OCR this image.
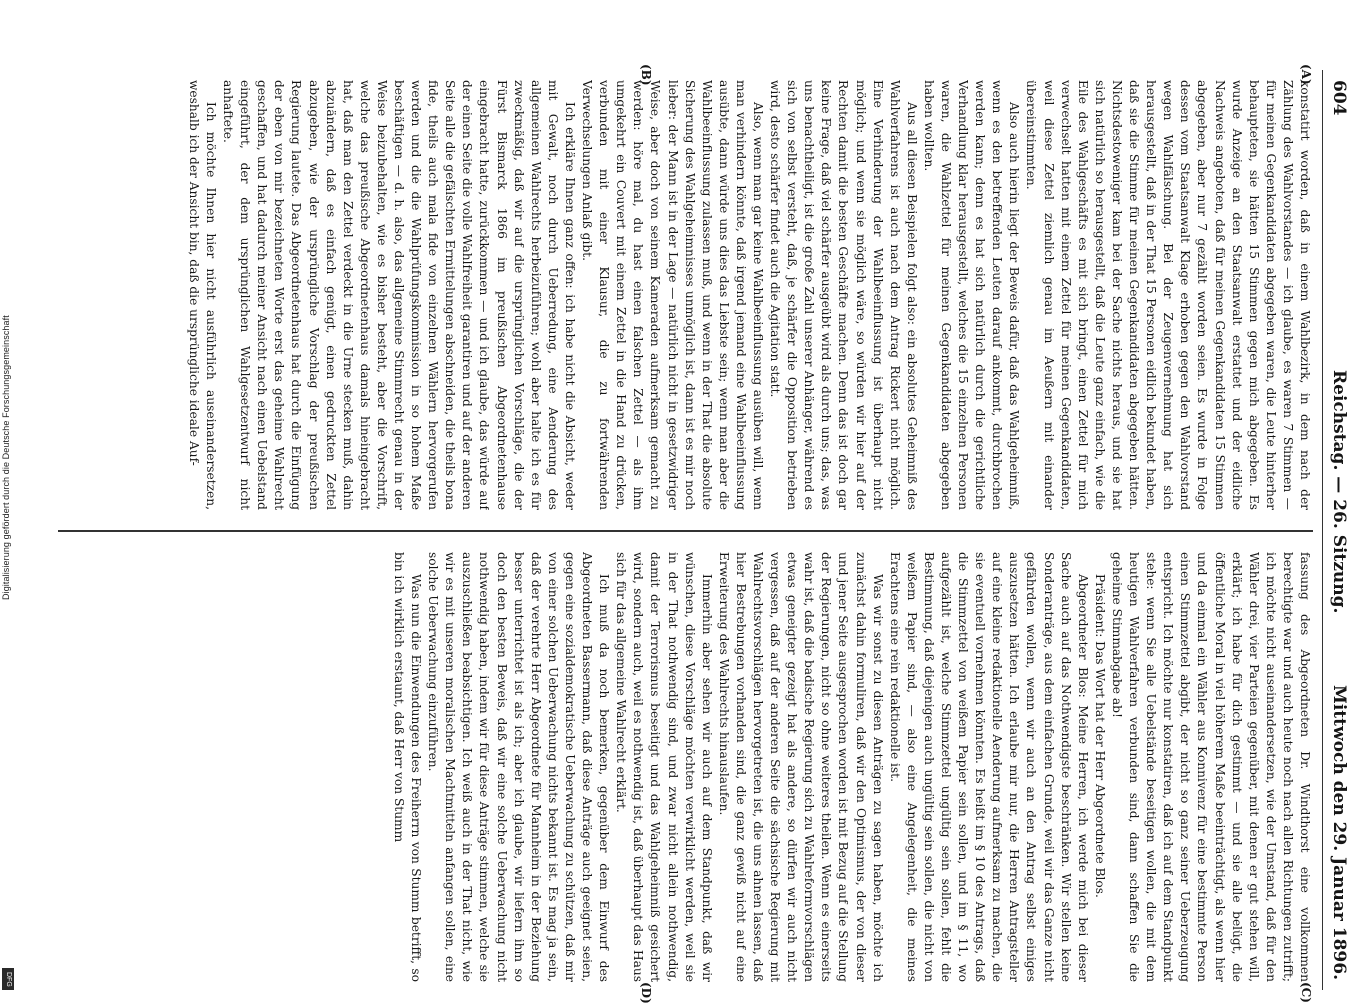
Digitalisierung gefördert durch die Deutsche Forschungsgemeinschaft
DFG
604
Reichstag. — 26. Sitzung.
Mittwoch den 29. Januar 1896.
(A)
(B)
(C)
(D)

konstatirt worden, daß in einem Wahlbezirk, in dem nach der Zählung des Wahlvorstandes — ich glaube, es waren 7 Stimmen — für meinen Gegenkandidaten abgegeben waren, die Leute hinterher behaupteten, sie hätten 15 Stimmen gegen mich abgegeben. Es wurde Anzeige an den Staatsanwalt erstattet und der eidliche Nachweis angeboten, daß für meinen Gegenkandidaten 15 Stimmen abgegeben, aber nur 7 gezählt worden seien. Es wurde in Folge dessen vom Staatsanwalt Klage erhoben gegen den Wahlvorstand wegen Wahlfälschung. Bei der Zeugenvernehmung hat sich herausgestellt, daß in der That 15 Personen eidlich bekundet haben, daß sie die Stimme für meinen Gegenkandidaten abgegeben hätten. Nichtsdestoweniger kam bei der Sache nichts heraus, und sie hat sich natürlich so herausgestellt, daß die Leute ganz einfach, wie die Eile des Wahlgeschäfts es mit sich bringt, einen Zettel für mich verwechselt hatten mit einem Zettel für meinen Gegenkandidaten, weil diese Zettel ziemlich genau im Aeußern mit einander übereinstimmten.

Also auch hierin liegt der Beweis dafür, daß das Wahlgeheimniß, wenn es den betreffenden Leuten darauf ankommt, durchbrochen werden kann; denn es hat sich natürlich durch die gerichtliche Verhandlung klar herausgestellt, welches die 15 einzelnen Personen waren, die Wahlzettel für meinen Gegenkandidaten abgegeben haben wollten.

Aus all diesen Beispielen folgt also: ein absolutes Geheimniß des Wahlverfahrens ist auch nach dem Antrag Rickert nicht möglich. Eine Verhinderung der Wahlbeeinflussung ist überhaupt nicht möglich; und wenn sie möglich wäre, so würden wir hier auf der Rechten damit die besten Geschäfte machen. Denn das ist doch gar keine Frage, daß viel schärfer ausgeübt wird als durch uns; das, was uns benachtheiligt, ist die große Zahl unserer Anhänger, während es sich von selbst versteht, daß, je schärfer die Opposition betrieben wird, desto schärfer findet auch die Agitation statt.

Also, wenn man gar keine Wahlbeeinflussung ausüben will, wenn man verhindern könnte, daß irgend jemand eine Wahlbeeinflussung ausübte, dann würde uns dies das Liebste sein; wenn man aber die Wahlbeeinflussung zulassen muß, und wenn in der That die absolute Sicherung des Wahlgeheimnisses unmöglich ist, dann ist es mir noch lieber: der Mann ist in der Lage — natürlich nicht in gesetzwidriger Weise, aber doch von seinem Kameraden aufmerksam gemacht zu werden: höre mal, du hast einen falschen Zettel — als ihm umgekehrt ein Couvert mit einem Zettel in die Hand zu drücken, verbunden mit einer Klausur, die zu fortwährenden Verwechselungen Anlaß gibt.

Ich erkläre Ihnen ganz offen: ich habe nicht die Absicht, weder mit Gewalt, noch durch Ueberredung, eine Aenderung des allgemeinen Wahlrechts herbeizuführen; wohl aber halte ich es für zweckmäßig, daß wir auf die ursprünglichen Vorschläge, die der Fürst Bismarck 1866 im preußischen Abgeordnetenhause eingebracht hatte, zurückkommen — und ich glaube, das würde auf der einen Seite die volle Wahlfreiheit garantiren und auf der anderen Seite alle die gefälschten Ermittelungen abschneiden, die theils bona fide, theils auch mala fide von einzelnen Wählern hervorgerufen werden und die die Wahlprüfungskommission in so hohem Maße beschäftigen — d. h. also, das allgemeine Stimmrecht genau in der Weise beizubehalten, wie es bisher besteht, aber die Vorschrift, welche das preußische Abgeordnetenhaus damals hineingebracht hat, daß man den Zettel verdeckt in die Urne stecken muß, dahin abzuändern, daß es einfach genügt, einen gedruckten Zettel abzugeben, wie der ursprüngliche Vorschlag der preußischen Regierung lautete. Das Abgeordnetenhaus hat durch die Einfügung der eben von mir bezeichneten Worte erst das geheime Wahlrecht geschaffen, und hat dadurch meiner Ansicht nach einen Uebelstand eingeführt, der dem ursprünglichen Wahlgesetzentwurf nicht anhaftete.

Ich möchte Ihnen hier nicht ausführlich auseinandersetzen, weshalb ich der Ansicht bin, daß die ursprüngliche ideale Auf-

fassung des Abgeordneten Dr. Windthorst eine vollkommen berechtigte war und auch heute noch nach allen Richtungen zutrifft; ich möchte nicht auseinandersetzen, wie der Umstand, daß für den Wähler drei, vier Parteien gegenüber, mit denen er gut stehen will, erklärt; ich habe für dich gestimmt — und sie alle belügt, die öffentliche Moral in viel höherem Maße beeinträchtigt, als wenn hier und da einmal ein Wähler aus Konnivenz für eine bestimmte Person einen Stimmzettel abgibt, der nicht so ganz seiner Ueberzeugung entspricht. Ich möchte nur konstatiren, daß ich auf dem Standpunkt stehe: wenn Sie alle Uebelstände beseitigen wollen, die mit dem heutigen Wahlverfahren verbunden sind, dann schaffen Sie die geheime Stimmabgabe ab!

Präsident: Das Wort hat der Herr Abgeordnete Blos.

Abgeordneter Blos: Meine Herren, ich werde mich bei dieser Sache auch auf das Nothwendigste beschränken. Wir stellen keine Sonderanträge, aus dem einfachen Grunde, weil wir das Ganze nicht gefährden wollen, wenn wir auch an den Antrag selbst einiges auszusetzen hätten. Ich erlaube mir nur, die Herren Antragsteller auf eine kleine redaktionelle Aenderung aufmerksam zu machen, die sie eventuell vornehmen könnten. Es heißt im § 10 des Antrags, daß die Stimmzettel von weißem Papier sein sollen, und im § 11, wo aufgezählt ist, welche Stimmzettel ungültig sein sollen, fehlt die Bestimmung, daß diejenigen auch ungültig sein sollen, die nicht von weißem Papier sind, — also eine Angelegenheit, die meines Erachtens eine rein redaktionelle ist.

Was wir sonst zu diesen Anträgen zu sagen haben, möchte ich zunächst dahin formuliren, daß wir den Optimismus, der von dieser und jener Seite ausgesprochen worden ist mit Bezug auf die Stellung der Regierungen, nicht so ohne weiteres theilen. Wenn es einerseits wahr ist, daß die badische Regierung sich zu Wahlreformvorschlägen etwas geneigter gezeigt hat als andere, so dürfen wir auch nicht vergessen, daß auf der anderen Seite die sächsische Regierung mit Wahlrechtsvorschlägen hervorgetreten ist, die uns ahnen lassen, daß hier Bestrebungen vorhanden sind, die ganz gewiß nicht auf eine Erweiterung des Wahlrechts hinauslaufen.

Immerhin aber sehen wir auch auf dem Standpunkt, daß wir wünschen, diese Vorschläge möchten verwirklicht werden, weil sie in der That nothwendig sind, und zwar nicht allein nothwendig, damit der Terrorismus beseitigt und das Wahlgeheimniß gesichert wird, sondern auch, weil es nothwendig ist, daß überhaupt das Haus sich für das allgemeine Wahlrecht erklärt.

Ich muß da noch bemerken, gegenüber dem Einwurf des Abgeordneten Bassermann, daß diese Anträge auch geeignet seien, gegen eine sozialdemokratische Ueberwachung zu schützen, daß mir von einer solchen Ueberwachung nichts bekannt ist. Es mag ja sein, daß der verehrte Herr Abgeordnete für Mannheim in der Beziehung besser unterrichtet ist als ich; aber ich glaube, wir liefern ihm so doch den besten Beweis, daß wir eine solche Ueberwachung nicht nothwendig haben, indem wir für diese Anträge stimmen, welche sie auszuschließen beabsichtigen. Ich weiß auch in der That nicht, wie wir es mit unseren moralischen Machtmitteln anfangen sollen, eine solche Ueberwachung einzuführen.

Was nun die Einwendungen des Freiherrn von Stumm betrifft, so bin ich wirklich erstaunt, daß Herr von Stumm
